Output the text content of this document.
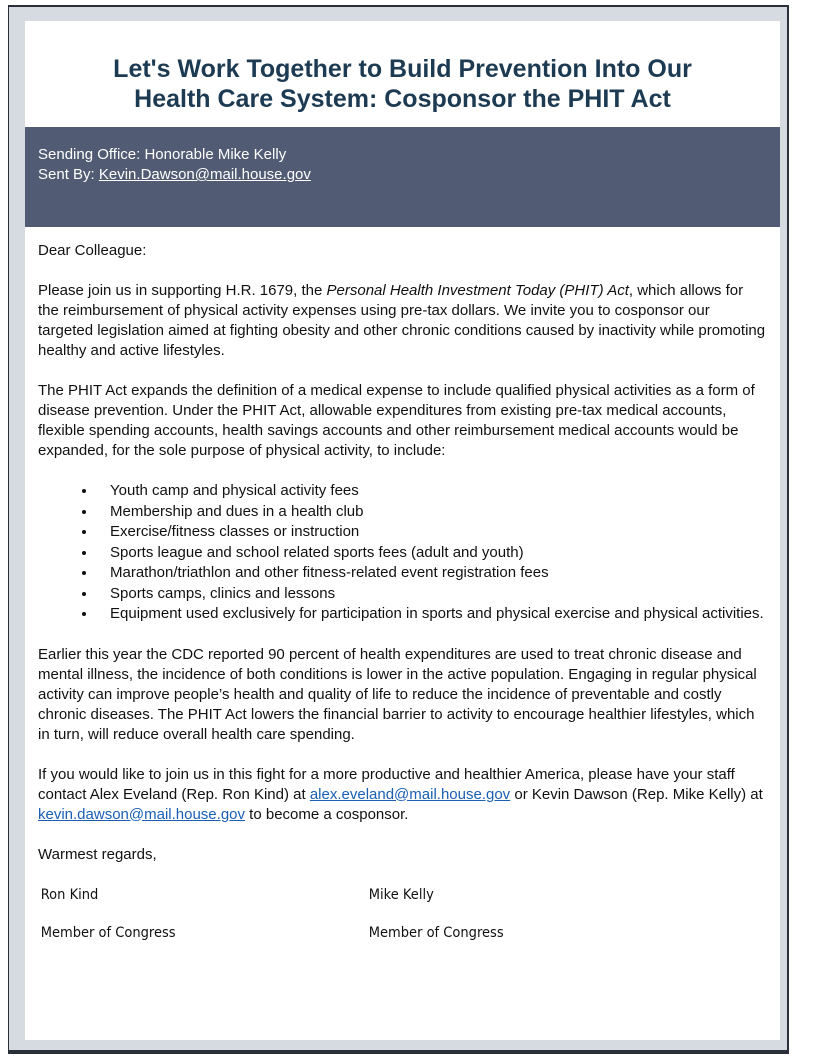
Let's Work Together to Build Prevention Into Our
Health Care System: Cosponsor the PHIT Act
Sending Office: Honorable Mike Kelly
Sent By: Kevin.Dawson@mail.house.gov

Dear Colleague:

Please join us in supporting H.R. 1679, the Personal Health Investment Today (PHIT) Act, which allows for the reimbursement of physical activity expenses using pre-tax dollars. We invite you to cosponsor our targeted legislation aimed at fighting obesity and other chronic conditions caused by inactivity while promoting healthy and active lifestyles.

The PHIT Act expands the definition of a medical expense to include qualified physical activities as a form of disease prevention. Under the PHIT Act, allowable expenditures from existing pre-tax medical accounts, flexible spending accounts, health savings accounts and other reimbursement medical accounts would be expanded, for the sole purpose of physical activity, to include:

• Youth camp and physical activity fees
• Membership and dues in a health club
• Exercise/fitness classes or instruction
• Sports league and school related sports fees (adult and youth)
• Marathon/triathlon and other fitness-related event registration fees
• Sports camps, clinics and lessons
• Equipment used exclusively for participation in sports and physical exercise and physical activities.

Earlier this year the CDC reported 90 percent of health expenditures are used to treat chronic disease and mental illness, the incidence of both conditions is lower in the active population. Engaging in regular physical activity can improve people’s health and quality of life to reduce the incidence of preventable and costly chronic diseases. The PHIT Act lowers the financial barrier to activity to encourage healthier lifestyles, which in turn, will reduce overall health care spending.

If you would like to join us in this fight for a more productive and healthier America, please have your staff contact Alex Eveland (Rep. Ron Kind) at alex.eveland@mail.house.gov or Kevin Dawson (Rep. Mike Kelly) at kevin.dawson@mail.house.gov to become a cosponsor.

Warmest regards,

Ron Kind
Member of Congress
Mike Kelly
Member of Congress
